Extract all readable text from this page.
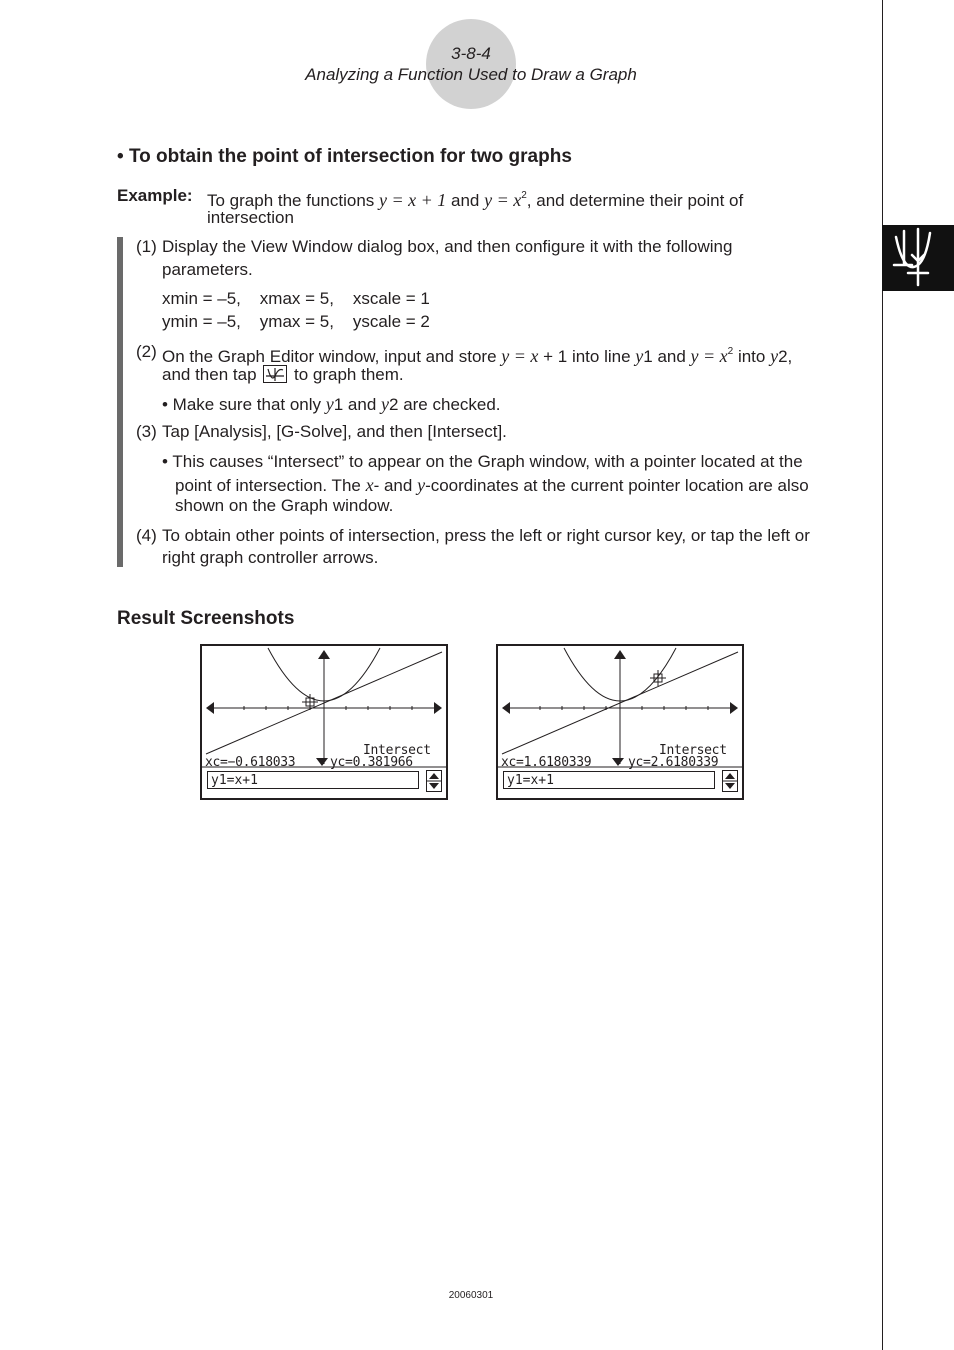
3-8-4
Analyzing a Function Used to Draw a Graph
• To obtain the point of intersection for two graphs
Example: To graph the functions y = x + 1 and $y = x^2$, and determine their point of
intersection
(1) Display the View Window dialog box, and then configure it with the following
parameters.
xmin = –5,    xmax = 5,    xscale = 1
ymin = –5,    ymax = 5,    yscale = 2
(2) On the Graph Editor window, input and store y = x + 1 into line y1 and $y = x^2$ into y2,
and then tap  to graph them.
• Make sure that only y1 and y2 are checked.
(3) Tap [Analysis], [G-Solve], and then [Intersect].
• This causes “Intersect” to appear on the Graph window, with a pointer located at the
point of intersection. The x- and y-coordinates at the current pointer location are also
shown on the Graph window.
(4) To obtain other points of intersection, press the left or right cursor key, or tap the left or
right graph controller arrows.
Result Screenshots
Intersect
xc=−0.618033	yc=0.381966
y1=x+1
Intersect
xc=1.6180339	yc=2.6180339
y1=x+1
20060301
